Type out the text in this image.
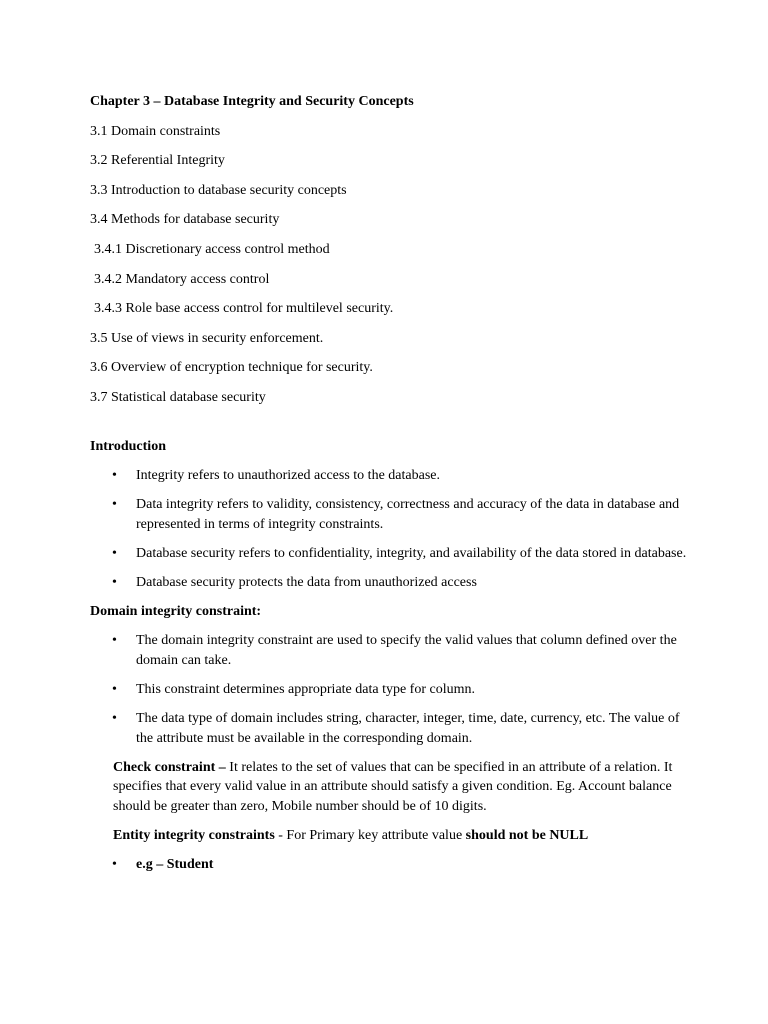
Chapter 3 – Database Integrity and Security Concepts

3.1 Domain constraints

3.2 Referential Integrity

3.3 Introduction to database security concepts

3.4 Methods for database security

3.4.1 Discretionary access control method

3.4.2 Mandatory access control

3.4.3 Role base access control for multilevel security.

3.5 Use of views in security enforcement.

3.6 Overview of encryption technique for security.

3.7 Statistical database security

Introduction

• Integrity refers to unauthorized access to the database.
• Data integrity refers to validity, consistency, correctness and accuracy of the data in database and represented in terms of integrity constraints.
• Database security refers to confidentiality, integrity, and availability of the data stored in database.
• Database security protects the data from unauthorized access

Domain integrity constraint:

• The domain integrity constraint are used to specify the valid values that column defined over the domain can take.
• This constraint determines appropriate data type for column.
• The data type of domain includes string, character, integer, time, date, currency, etc. The value of the attribute must be available in the corresponding domain.

Check constraint – It relates to the set of values that can be specified in an attribute of a relation. It specifies that every valid value in an attribute should satisfy a given condition. Eg. Account balance should be greater than zero, Mobile number should be of 10 digits.

Entity integrity constraints - For Primary key attribute value should not be NULL

• e.g – Student
